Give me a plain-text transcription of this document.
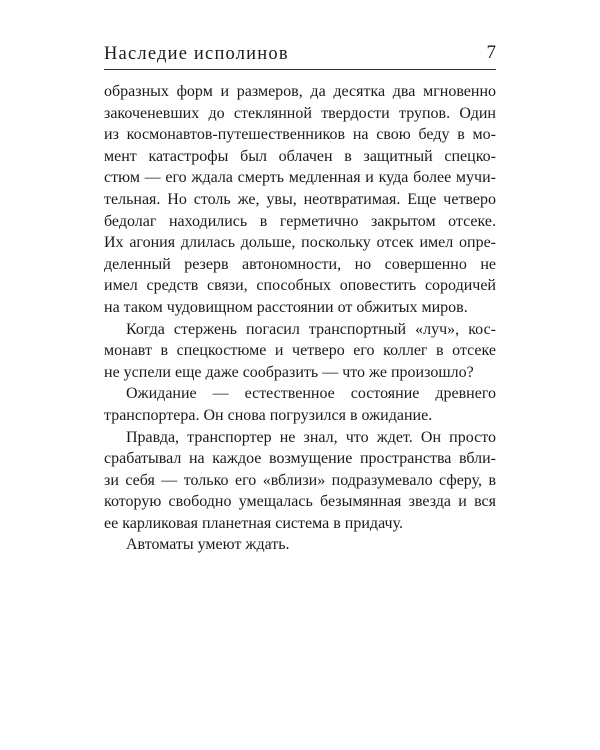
Наследие исполинов	7
образных форм и размеров, да десятка два мгновенно
закоченевших до стеклянной твердости трупов. Один
из космонавтов-путешественников на свою беду в мо-
мент катастрофы был облачен в защитный спецко-
стюм — его ждала смерть медленная и куда более мучи-
тельная. Но столь же, увы, неотвратимая. Еще четверо
бедолаг находились в герметично закрытом отсеке.
Их агония длилась дольше, поскольку отсек имел опре-
деленный резерв автономности, но совершенно не
имел средств связи, способных оповестить сородичей
на таком чудовищном расстоянии от обжитых миров.
Когда стержень погасил транспортный «луч», кос-
монавт в спецкостюме и четверо его коллег в отсеке
не успели еще даже сообразить — что же произошло?
Ожидание — естественное состояние древнего
транспортера. Он снова погрузился в ожидание.
Правда, транспортер не знал, что ждет. Он просто
срабатывал на каждое возмущение пространства вбли-
зи себя — только его «вблизи» подразумевало сферу, в
которую свободно умещалась безымянная звезда и вся
ее карликовая планетная система в придачу.
Автоматы умеют ждать.
